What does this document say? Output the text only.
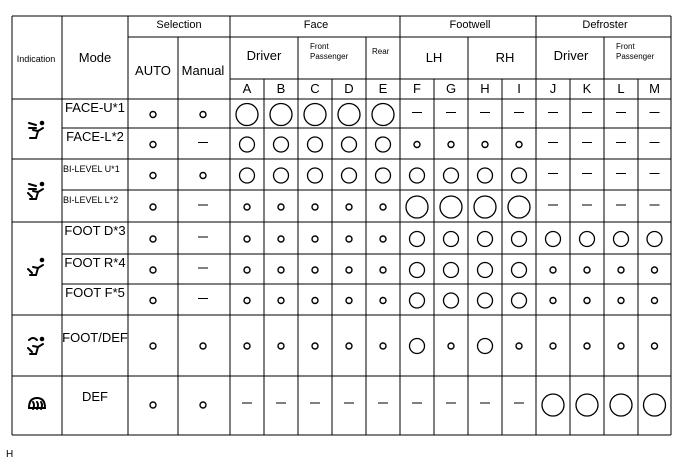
Indication Mode
Selection
AUTO Manual
Face
Driver
Front
Passenger
Rear
Footwell
LH	RH
Defroster
Driver
Front
Passenger
A B C D E F G H I J K L M
FACE-U*1
FACE-L*2
BI-LEVEL U*1
BI-LEVEL L*2
FOOT D*3
FOOT R*4
FOOT F*5
FOOT/DEF
DEF
H
